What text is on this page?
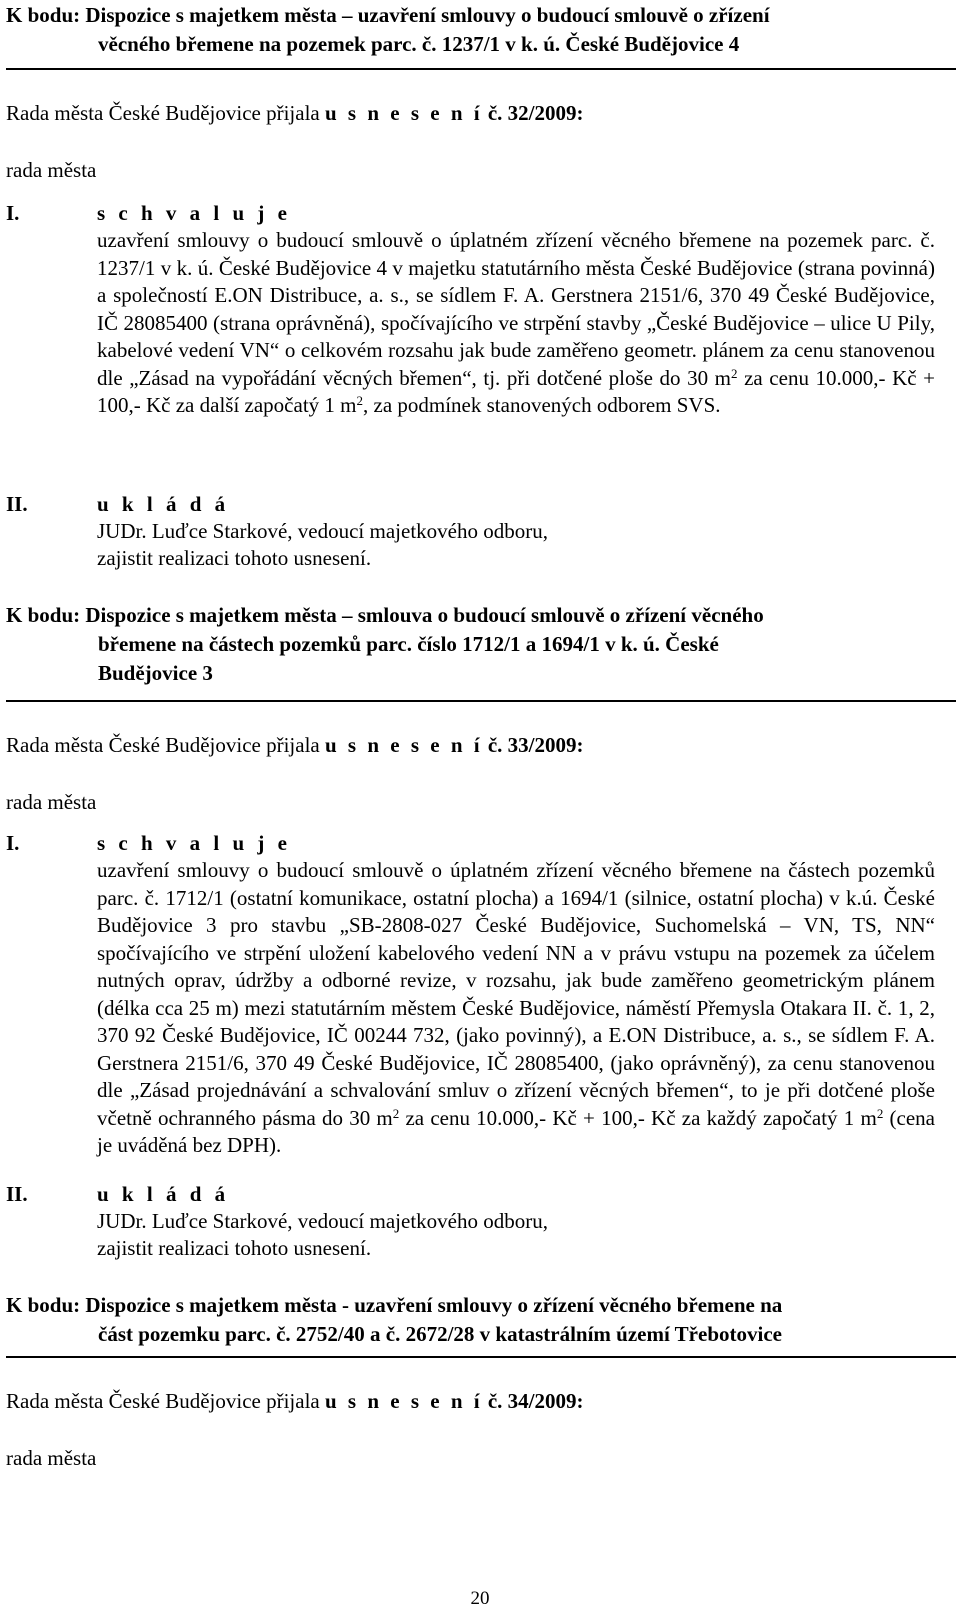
K bodu: Dispozice s majetkem města – uzavření smlouvy o budoucí smlouvě o zřízení
věcného břemene na pozemek parc. č. 1237/1 v k. ú. České Budějovice 4
Rada města České Budějovice přijala u s n e s e n í č. 32/2009:
rada města
I.	s c h v a l u j e
uzavření smlouvy o budoucí smlouvě o úplatném zřízení věcného břemene na pozemek parc. č. 1237/1 v k. ú. České Budějovice 4 v majetku statutárního města České Budějovice (strana povinná) a společností E.ON Distribuce, a. s., se sídlem F. A. Gerstnera 2151/6, 370 49 České Budějovice, IČ 28085400 (strana oprávněná), spočívajícího ve strpění stavby „České Budějovice – ulice U Pily, kabelové vedení VN“ o celkovém rozsahu jak bude zaměřeno geometr. plánem za cenu stanovenou dle „Zásad na vypořádání věcných břemen“, tj. při dotčené ploše do 30 $m^2$ za cenu 10.000,- Kč + 100,- Kč za další započatý 1 $m^2$, za podmínek stanovených odborem SVS.
II.	u k l á d á
JUDr. Luďce Starkové, vedoucí majetkového odboru,
zajistit realizaci tohoto usnesení.
K bodu: Dispozice s majetkem města – smlouva o budoucí smlouvě o zřízení věcného
břemene na částech pozemků parc. číslo 1712/1 a 1694/1 v k. ú. České
Budějovice 3
Rada města České Budějovice přijala u s n e s e n í č. 33/2009:
rada města
I.	s c h v a l u j e
uzavření smlouvy o budoucí smlouvě o úplatném zřízení věcného břemene na částech pozemků parc. č. 1712/1 (ostatní komunikace, ostatní plocha) a 1694/1 (silnice, ostatní plocha) v k.ú. České Budějovice 3 pro stavbu „SB-2808-027 České Budějovice, Suchomelská – VN, TS, NN“ spočívajícího ve strpění uložení kabelového vedení NN a v právu vstupu na pozemek za účelem nutných oprav, údržby a odborné revize, v rozsahu, jak bude zaměřeno geometrickým plánem (délka cca 25 m) mezi statutárním městem České Budějovice, náměstí Přemysla Otakara II. č. 1, 2, 370 92 České Budějovice, IČ 00244 732, (jako povinný), a E.ON Distribuce, a. s., se sídlem F. A. Gerstnera 2151/6, 370 49 České Budějovice, IČ 28085400, (jako oprávněný), za cenu stanovenou dle „Zásad projednávání a schvalování smluv o zřízení věcných břemen“, to je při dotčené ploše včetně ochranného pásma do 30 $m^2$ za cenu 10.000,- Kč + 100,- Kč za každý započatý 1 $m^2$ (cena je uváděná bez DPH).
II.	u k l á d á
JUDr. Luďce Starkové, vedoucí majetkového odboru,
zajistit realizaci tohoto usnesení.
K bodu: Dispozice s majetkem města - uzavření smlouvy o zřízení věcného břemene na
část pozemku parc. č. 2752/40 a č. 2672/28 v katastrálním území Třebotovice
Rada města České Budějovice přijala u s n e s e n í č. 34/2009:
rada města
20
